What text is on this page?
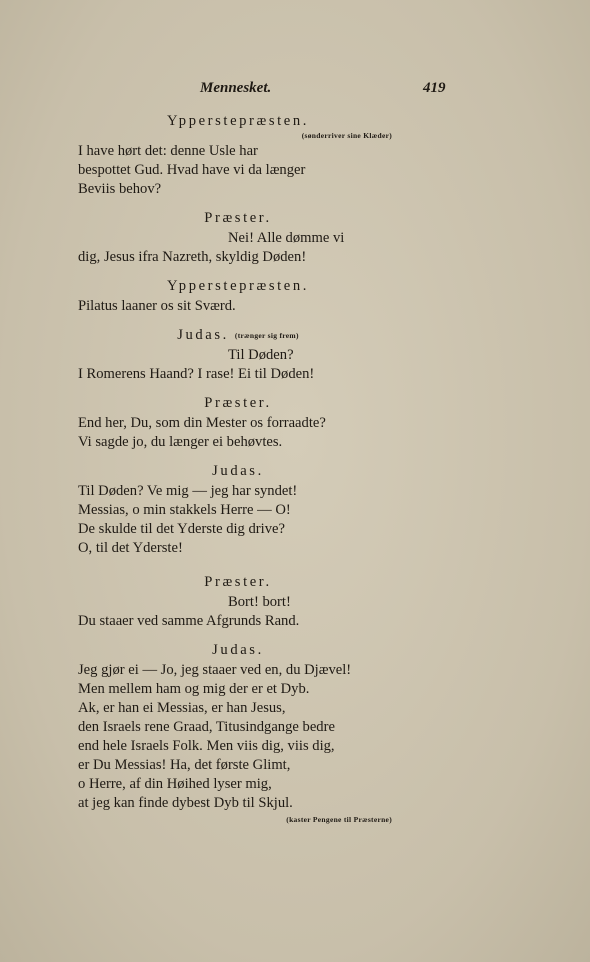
Mennesket.	419
Ypperstepræsten.
(sønderriver sine Klæder)
I have hørt det: denne Usle har
bespottet Gud. Hvad have vi da længer
Beviis behov?
Præster.
Nei! Alle dømme vi
dig, Jesus ifra Nazreth, skyldig Døden!
Ypperstepræsten.
Pilatus laaner os sit Sværd.
Judas. (trænger sig frem)
Til Døden?
I Romerens Haand? I rase! Ei til Døden!
Præster.
End her, Du, som din Mester os forraadte?
Vi sagde jo, du længer ei behøvtes.
Judas.
Til Døden? Ve mig — jeg har syndet!
Messias, o min stakkels Herre — O!
De skulde til det Yderste dig drive?
O, til det Yderste!
Præster.
Bort! bort!
Du staaer ved samme Afgrunds Rand.
Judas.
Jeg gjør ei — Jo, jeg staaer ved en, du Djævel!
Men mellem ham og mig der er et Dyb.
Ak, er han ei Messias, er han Jesus,
den Israels rene Graad, Titusindgange bedre
end hele Israels Folk. Men viis dig, viis dig,
er Du Messias! Ha, det første Glimt,
o Herre, af din Høihed lyser mig,
at jeg kan finde dybest Dyb til Skjul.
(kaster Pengene til Præsterne)
